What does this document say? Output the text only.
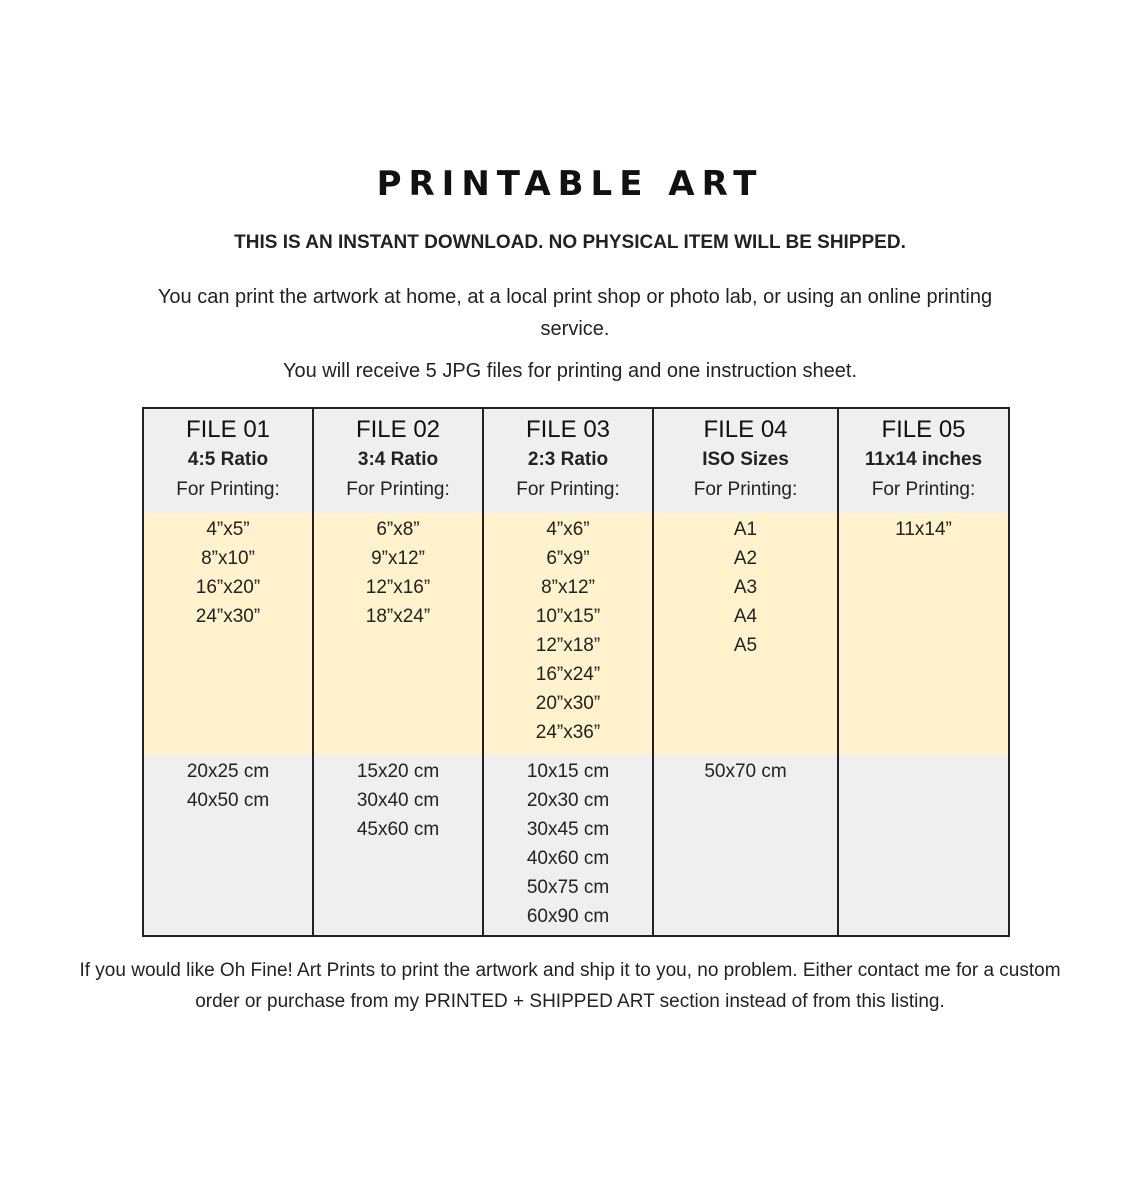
PRINTABLE ART
THIS IS AN INSTANT DOWNLOAD. NO PHYSICAL ITEM WILL BE SHIPPED.
You can print the artwork at home, at a local print shop or photo lab, or using an online printing service.
You will receive 5 JPG files for printing and one instruction sheet.
FILE 01
4:5 Ratio
For Printing:
4”x5”
8”x10”
16”x20”
24”x30”
20x25 cm
40x50 cm
FILE 02
3:4 Ratio
For Printing:
6”x8”
9”x12”
12”x16”
18”x24”
15x20 cm
30x40 cm
45x60 cm
FILE 03
2:3 Ratio
For Printing:
4”x6”
6”x9”
8”x12”
10”x15”
12”x18”
16”x24”
20”x30”
24”x36”
10x15 cm
20x30 cm
30x45 cm
40x60 cm
50x75 cm
60x90 cm
FILE 04
ISO Sizes
For Printing:
A1
A2
A3
A4
A5
50x70 cm
FILE 05
11x14 inches
For Printing:
11x14”
If you would like Oh Fine! Art Prints to print the artwork and ship it to you, no problem. Either contact me for a custom order or purchase from my PRINTED + SHIPPED ART section instead of from this listing.
